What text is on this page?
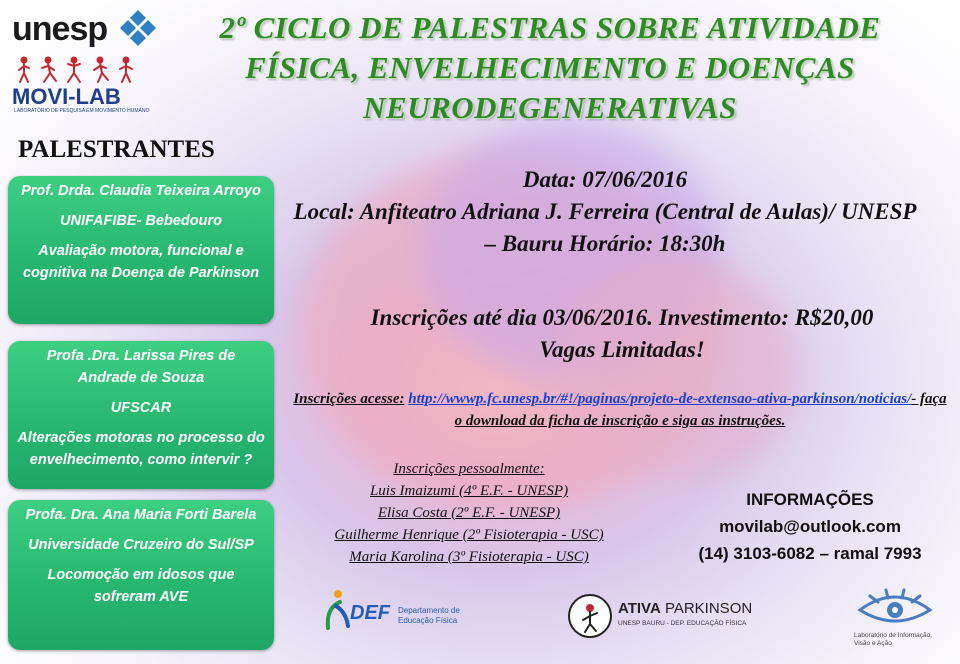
unesp
MOVI-LAB
LABORATÓRIO DE PESQUISA EM MOVIMENTO HUMANO
2º CICLO DE PALESTRAS SOBRE ATIVIDADE
FÍSICA, ENVELHECIMENTO E DOENÇAS
NEURODEGENERATIVAS
PALESTRANTES

Prof. Drda. Claudia Teixeira Arroyo

UNIFAFIBE- Bebedouro

Avaliação motora, funcional e cognitiva na Doença de Parkinson

Profa .Dra. Larissa Pires de Andrade de Souza

UFSCAR

Alterações motoras no processo do envelhecimento, como intervir ?

Profa. Dra. Ana Maria Forti Barela

Universidade Cruzeiro do Sul/SP

Locomoção em idosos que sofreram AVE

Data: 07/06/2016
Local: Anfiteatro Adriana J. Ferreira (Central de Aulas)/ UNESP – Bauru Horário: 18:30h
Inscrições até dia 03/06/2016. Investimento: R$20,00
Vagas Limitadas!
Inscrições acesse: http://wwwp.fc.unesp.br/#!/paginas/projeto-de-extensao-ativa-parkinson/noticias/- faça o download da ficha de inscrição e siga as instruções.
Inscrições pessoalmente:
Luis Imaizumi (4º E.F. - UNESP)
Elisa Costa (2º E.F. - UNESP)
Guilherme Henrique (2º Fisioterapia - USC)
Maria Karolina (3º Fisioterapia - USC)
INFORMAÇÕES
movilab@outlook.com
(14) 3103-6082 – ramal 7993
DEF Departamento de Educação Física
ATIVA PARKINSON
UNESP BAURU - DEP. EDUCAÇÃO FÍSICA
Laboratório de Informação, Visão e Ação
